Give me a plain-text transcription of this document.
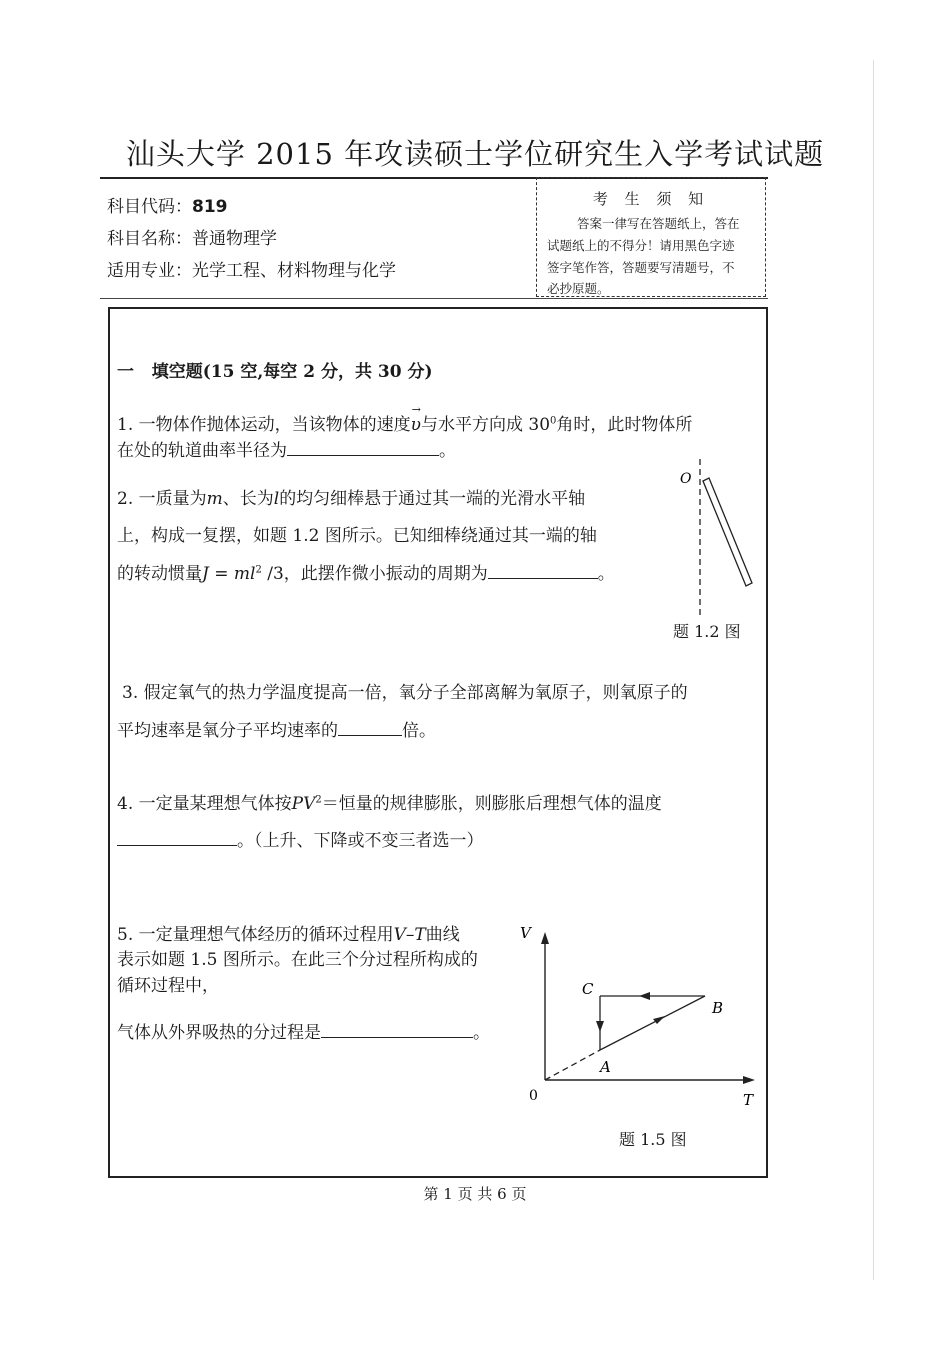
汕头大学 2015 年攻读硕士学位研究生入学考试试题
科目代码：819
科目名称：普通物理学
适用专业：光学工程、材料物理与化学
考 生 须 知
答案一律写在答题纸上，答在
试题纸上的不得分！请用黑色字迹
签字笔作答，答题要写清题号，不
必抄原题。
一 填空题(15 空,每空 2 分，共 30 分)
1. 一物体作抛体运动，当该物体的速度
→
υ与水平方向成 $30^0$角时，此时物体所
在处的轨道曲率半径为	。
2. 一质量为m、长为l的均匀细棒悬于通过其一端的光滑水平轴
上，构成一复摆，如题 1.2 图所示。已知细棒绕通过其一端的轴
的转动惯量$J = ml^2$ /3，此摆作微小振动的周期为	。
O
题 1.2 图
3. 假定氧气的热力学温度提高一倍，氧分子全部离解为氧原子，则氧原子的
平均速率是氧分子平均速率的	倍。
4. 一定量某理想气体按$PV^2=$恒量的规律膨胀，则膨胀后理想气体的温度
。（上升、下降或不变三者选一）
5. 一定量理想气体经历的循环过程用V–T曲线
表示如题 1.5 图所示。在此三个分过程所构成的
循环过程中，
气体从外界吸热的分过程是	。
V
T
0
A
B
C
题 1.5 图
第 1 页 共 6 页
